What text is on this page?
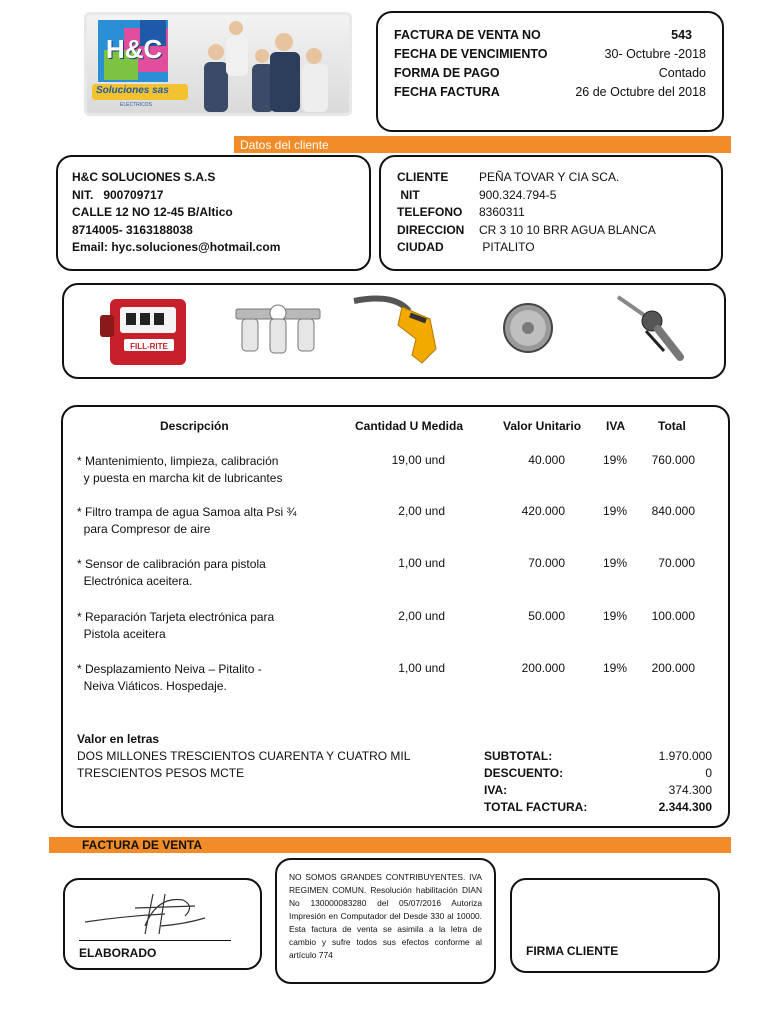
H&C
Soluciones sas
ELECTRICOS
FACTURA DE VENTA NO	543
FECHA DE VENCIMIENTO	30- Octubre -2018
FORMA DE PAGO	Contado
FECHA FACTURA	26 de Octubre del 2018
Datos del cliente
H&C SOLUCIONES S.A.S
NIT.   900709717
CALLE 12 NO 12-45 B/Altico
8714005- 3163188038
Email: hyc.soluciones@hotmail.com
CLIENTE	PEÑA TOVAR Y CIA SCA.
NIT	900.324.794-5
TELEFONO	8360311
DIRECCION	CR 3 10 10 BRR AGUA BLANCA
CIUDAD	PITALITO
FILL-RITE
Descripción	Cantidad U Medida	Valor Unitario IVA	Total
* Mantenimiento, limpieza, calibración
y puesta en marcha kit de lubricantes
19,00 und	40.000	19% 760.000
* Filtro trampa de agua Samoa alta Psi ¾
para Compresor de aire
2,00 und	420.000	19% 840.000
* Sensor de calibración para pistola
Electrónica aceitera.
1,00 und	70.000	19%	70.000
* Reparación Tarjeta electrónica para
Pistola aceitera
2,00 und	50.000	19% 100.000
* Desplazamiento Neiva – Pitalito -
Neiva Viáticos. Hospedaje.
1,00 und	200.000	19% 200.000
Valor en letras
DOS MILLONES TRESCIENTOS CUARENTA Y CUATRO MIL
TRESCIENTOS PESOS MCTE
SUBTOTAL:	1.970.000
DESCUENTO:	0
IVA:	374.300
TOTAL FACTURA:	2.344.300
FACTURA DE VENTA
ELABORADO
NO SOMOS GRANDES CONTRIBUYENTES. IVA REGIMEN COMUN. Resolución habilitación DIAN No 130000083280 del 05/07/2016 Autoriza Impresión en Computador del Desde 330 al 10000. Esta factura de venta se asimila a la letra de cambio y sufre todos sus efectos conforme al artículo 774	FIRMA CLIENTE
